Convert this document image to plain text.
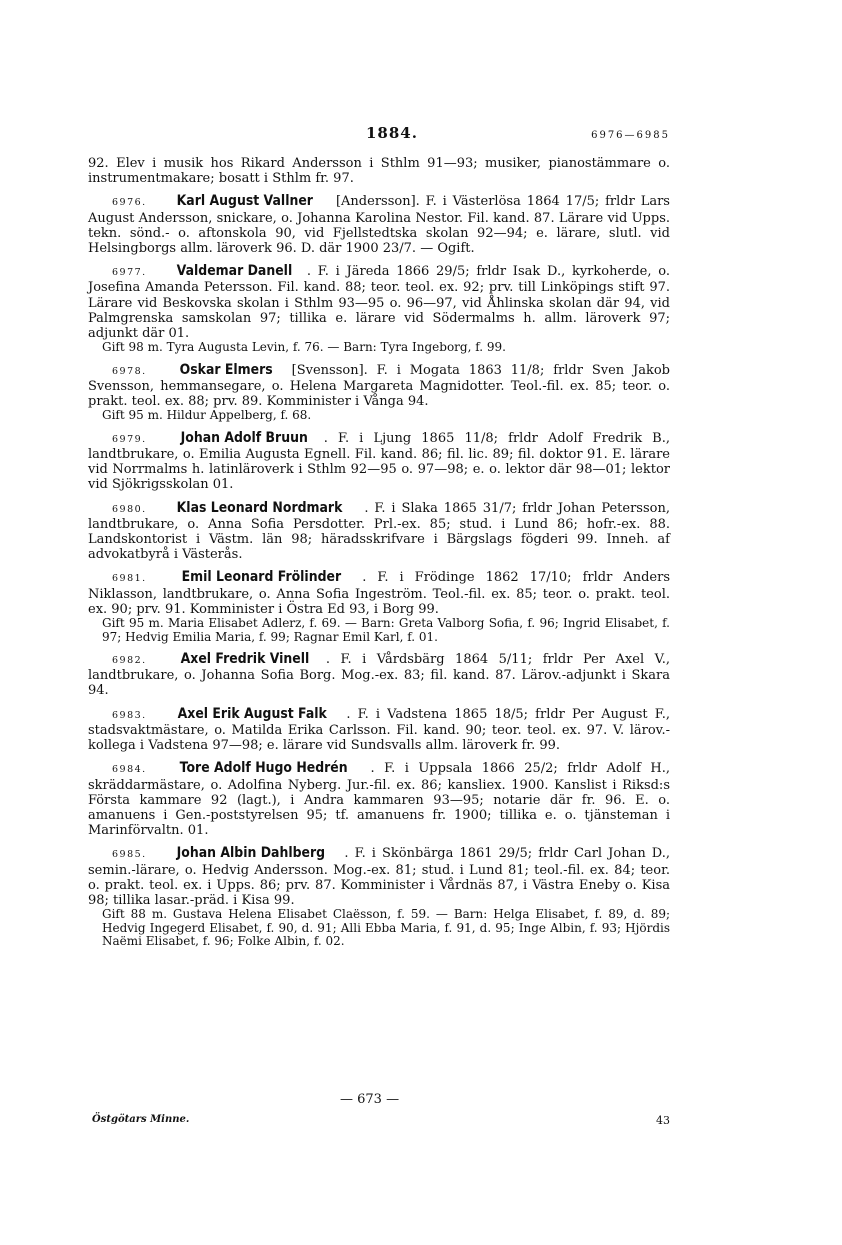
1884.	6976—6985

92. Elev i musik hos Rikard Andersson i Sthlm 91—93; musiker, pianostämmare o. instrumentmakare; bosatt i Sthlm fr. 97.

6976. Karl August Vallner [Andersson]. F. i Västerlösa 1864 17/5; frldr Lars August Andersson, snickare, o. Johanna Karolina Nestor. Fil. kand. 87. Lärare vid Upps. tekn. sönd.- o. aftonskola 90, vid Fjellstedtska skolan 92—94; e. lärare, slutl. vid Helsingborgs allm. läroverk 96. D. där 1900 23/7. — Ogift.

6977. Valdemar Danell . F. i Järeda 1866 29/5; frldr Isak D., kyrkoherde, o. Josefina Amanda Petersson. Fil. kand. 88; teor. teol. ex. 92; prv. till Linköpings stift 97. Lärare vid Beskovska skolan i Sthlm 93—95 o. 96—97, vid Åhlinska skolan där 94, vid Palmgrenska samskolan 97; tillika e. lärare vid Södermalms h. allm. läroverk 97; adjunkt där 01.

Gift 98 m. Tyra Augusta Levin, f. 76. — Barn: Tyra Ingeborg, f. 99.

6978. Oskar Elmers [Svensson]. F. i Mogata 1863 11/8; frldr Sven Jakob Svensson, hemmansegare, o. Helena Margareta Magnidotter. Teol.-fil. ex. 85; teor. o. prakt. teol. ex. 88; prv. 89. Komminister i Vånga 94.

Gift 95 m. Hildur Appelberg, f. 68.

6979. Johan Adolf Bruun . F. i Ljung 1865 11/8; frldr Adolf Fredrik B., landtbrukare, o. Emilia Augusta Egnell. Fil. kand. 86; fil. lic. 89; fil. doktor 91. E. lärare vid Norrmalms h. latinläroverk i Sthlm 92—95 o. 97—98; e. o. lektor där 98—01; lektor vid Sjökrigsskolan 01.

6980. Klas Leonard Nordmark . F. i Slaka 1865 31/7; frldr Johan Petersson, landtbrukare, o. Anna Sofia Persdotter. Prl.-ex. 85; stud. i Lund 86; hofr.-ex. 88. Landskontorist i Västm. län 98; häradsskrifvare i Bärgslags fögderi 99. Inneh. af advokatbyrå i Västerås.

6981. Emil Leonard Frölinder . F. i Frödinge 1862 17/10; frldr Anders Niklasson, landtbrukare, o. Anna Sofia Ingeström. Teol.-fil. ex. 85; teor. o. prakt. teol. ex. 90; prv. 91. Komminister i Östra Ed 93, i Borg 99.

Gift 95 m. Maria Elisabet Adlerz, f. 69. — Barn: Greta Valborg Sofia, f. 96; Ingrid Elisabet, f. 97; Hedvig Emilia Maria, f. 99; Ragnar Emil Karl, f. 01.

6982. Axel Fredrik Vinell . F. i Vårdsbärg 1864 5/11; frldr Per Axel V., landtbrukare, o. Johanna Sofia Borg. Mog.-ex. 83; fil. kand. 87. Lärov.-adjunkt i Skara 94.

6983. Axel Erik August Falk . F. i Vadstena 1865 18/5; frldr Per August F., stadsvaktmästare, o. Matilda Erika Carlsson. Fil. kand. 90; teor. teol. ex. 97. V. lärov.-kollega i Vadstena 97—98; e. lärare vid Sundsvalls allm. läroverk fr. 99.

6984. Tore Adolf Hugo Hedrén . F. i Uppsala 1866 25/2; frldr Adolf H., skräddarmästare, o. Adolfina Nyberg. Jur.-fil. ex. 86; kansliex. 1900. Kanslist i Riksd:s Första kammare 92 (lagt.), i Andra kammaren 93—95; notarie där fr. 96. E. o. amanuens i Gen.-poststyrelsen 95; tf. amanuens fr. 1900; tillika e. o. tjänsteman i Marinförvaltn. 01.

6985. Johan Albin Dahlberg . F. i Skönbärga 1861 29/5; frldr Carl Johan D., semin.-lärare, o. Hedvig Andersson. Mog.-ex. 81; stud. i Lund 81; teol.-fil. ex. 84; teor. o. prakt. teol. ex. i Upps. 86; prv. 87. Komminister i Vårdnäs 87, i Västra Eneby o. Kisa 98; tillika lasar.-präd. i Kisa 99.

Gift 88 m. Gustava Helena Elisabet Claësson, f. 59. — Barn: Helga Elisabet, f. 89, d. 89; Hedvig Ingegerd Elisabet, f. 90, d. 91; Alli Ebba Maria, f. 91, d. 95; Inge Albin, f. 93; Hjördis Naëmi Elisabet, f. 96; Folke Albin, f. 02.
— 673 —
Östgötars Minne.	43
